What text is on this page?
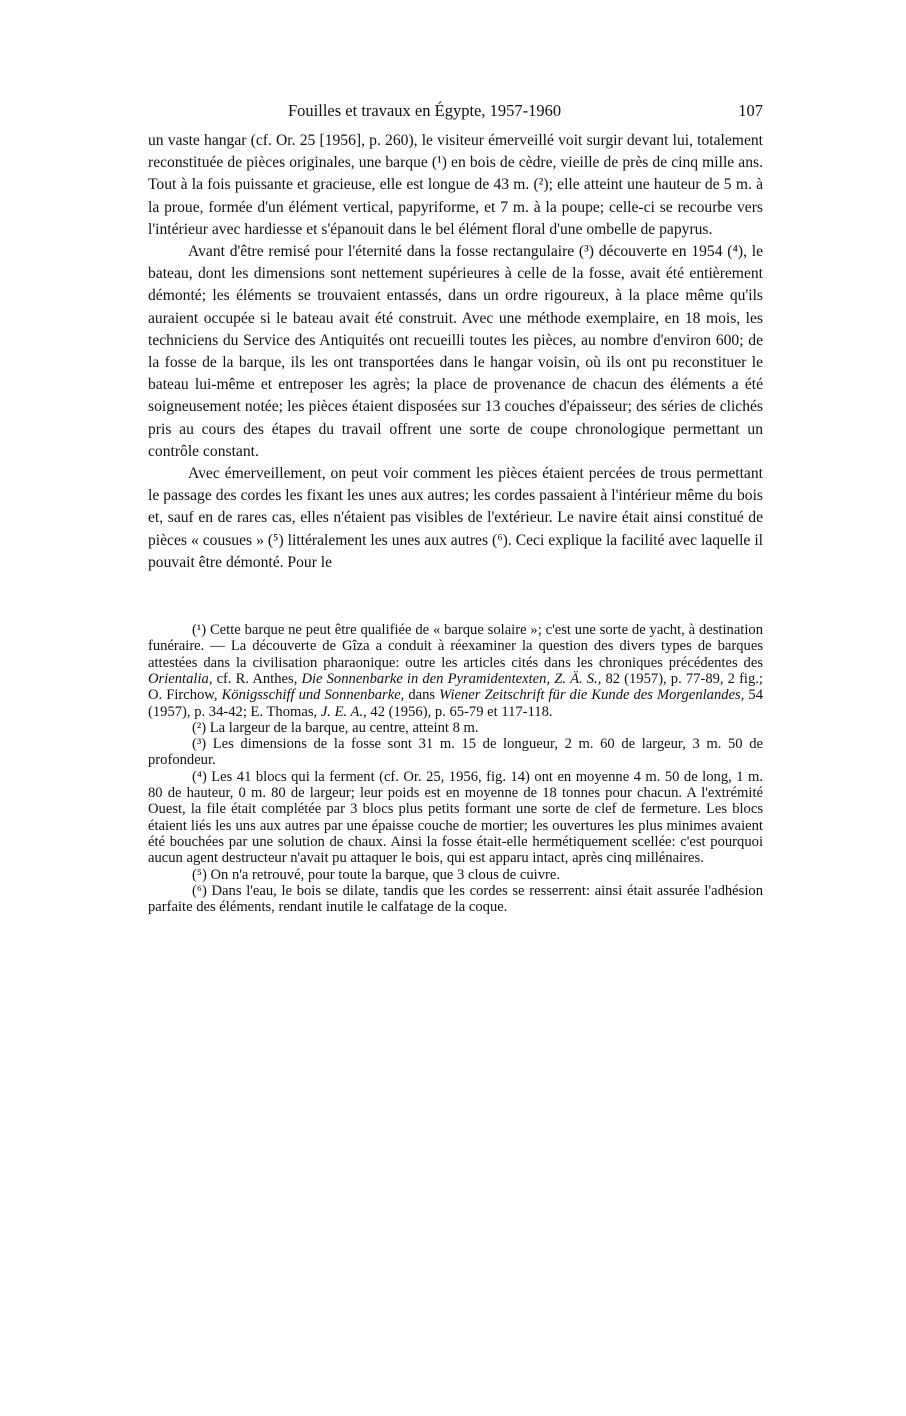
Fouilles et travaux en Égypte, 1957-1960	107

un vaste hangar (cf. Or. 25 [1956], p. 260), le visiteur émerveillé voit surgir devant lui, totalement reconstituée de pièces originales, une barque (¹) en bois de cèdre, vieille de près de cinq mille ans. Tout à la fois puissante et gracieuse, elle est longue de 43 m. (²); elle atteint une hauteur de 5 m. à la proue, formée d'un élément vertical, papyriforme, et 7 m. à la poupe; celle-ci se recourbe vers l'intérieur avec hardiesse et s'épanouit dans le bel élément floral d'une ombelle de papyrus.

Avant d'être remisé pour l'éternité dans la fosse rectangulaire (³) découverte en 1954 (⁴), le bateau, dont les dimensions sont nettement supérieures à celle de la fosse, avait été entièrement démonté; les éléments se trouvaient entassés, dans un ordre rigoureux, à la place même qu'ils auraient occupée si le bateau avait été construit. Avec une méthode exemplaire, en 18 mois, les techniciens du Service des Antiquités ont recueilli toutes les pièces, au nombre d'environ 600; de la fosse de la barque, ils les ont transportées dans le hangar voisin, où ils ont pu reconstituer le bateau lui-même et entreposer les agrès; la place de provenance de chacun des éléments a été soigneusement notée; les pièces étaient disposées sur 13 couches d'épaisseur; des séries de clichés pris au cours des étapes du travail offrent une sorte de coupe chronologique permettant un contrôle constant.

Avec émerveillement, on peut voir comment les pièces étaient percées de trous permettant le passage des cordes les fixant les unes aux autres; les cordes passaient à l'intérieur même du bois et, sauf en de rares cas, elles n'étaient pas visibles de l'extérieur. Le navire était ainsi constitué de pièces « cousues » (⁵) littéralement les unes aux autres (⁶). Ceci explique la facilité avec laquelle il pouvait être démonté. Pour le

(¹) Cette barque ne peut être qualifiée de « barque solaire »; c'est une sorte de yacht, à destination funéraire. — La découverte de Gîza a conduit à réexaminer la question des divers types de barques attestées dans la civilisation pharaonique: outre les articles cités dans les chroniques précédentes des Orientalia, cf. R. Anthes, Die Sonnenbarke in den Pyramidentexten, Z. Ä. S., 82 (1957), p. 77-89, 2 fig.; O. Firchow, Königsschiff und Sonnenbarke, dans Wiener Zeitschrift für die Kunde des Morgenlandes, 54 (1957), p. 34-42; E. Thomas, J. E. A., 42 (1956), p. 65-79 et 117-118.

(²) La largeur de la barque, au centre, atteint 8 m.

(³) Les dimensions de la fosse sont 31 m. 15 de longueur, 2 m. 60 de largeur, 3 m. 50 de profondeur.

(⁴) Les 41 blocs qui la ferment (cf. Or. 25, 1956, fig. 14) ont en moyenne 4 m. 50 de long, 1 m. 80 de hauteur, 0 m. 80 de largeur; leur poids est en moyenne de 18 tonnes pour chacun. A l'extrémité Ouest, la file était complétée par 3 blocs plus petits formant une sorte de clef de fermeture. Les blocs étaient liés les uns aux autres par une épaisse couche de mortier; les ouvertures les plus minimes avaient été bouchées par une solution de chaux. Ainsi la fosse était-elle hermétiquement scellée: c'est pourquoi aucun agent destructeur n'avait pu attaquer le bois, qui est apparu intact, après cinq millénaires.

(⁵) On n'a retrouvé, pour toute la barque, que 3 clous de cuivre.

(⁶) Dans l'eau, le bois se dilate, tandis que les cordes se resserrent: ainsi était assurée l'adhésion parfaite des éléments, rendant inutile le calfatage de la coque.
